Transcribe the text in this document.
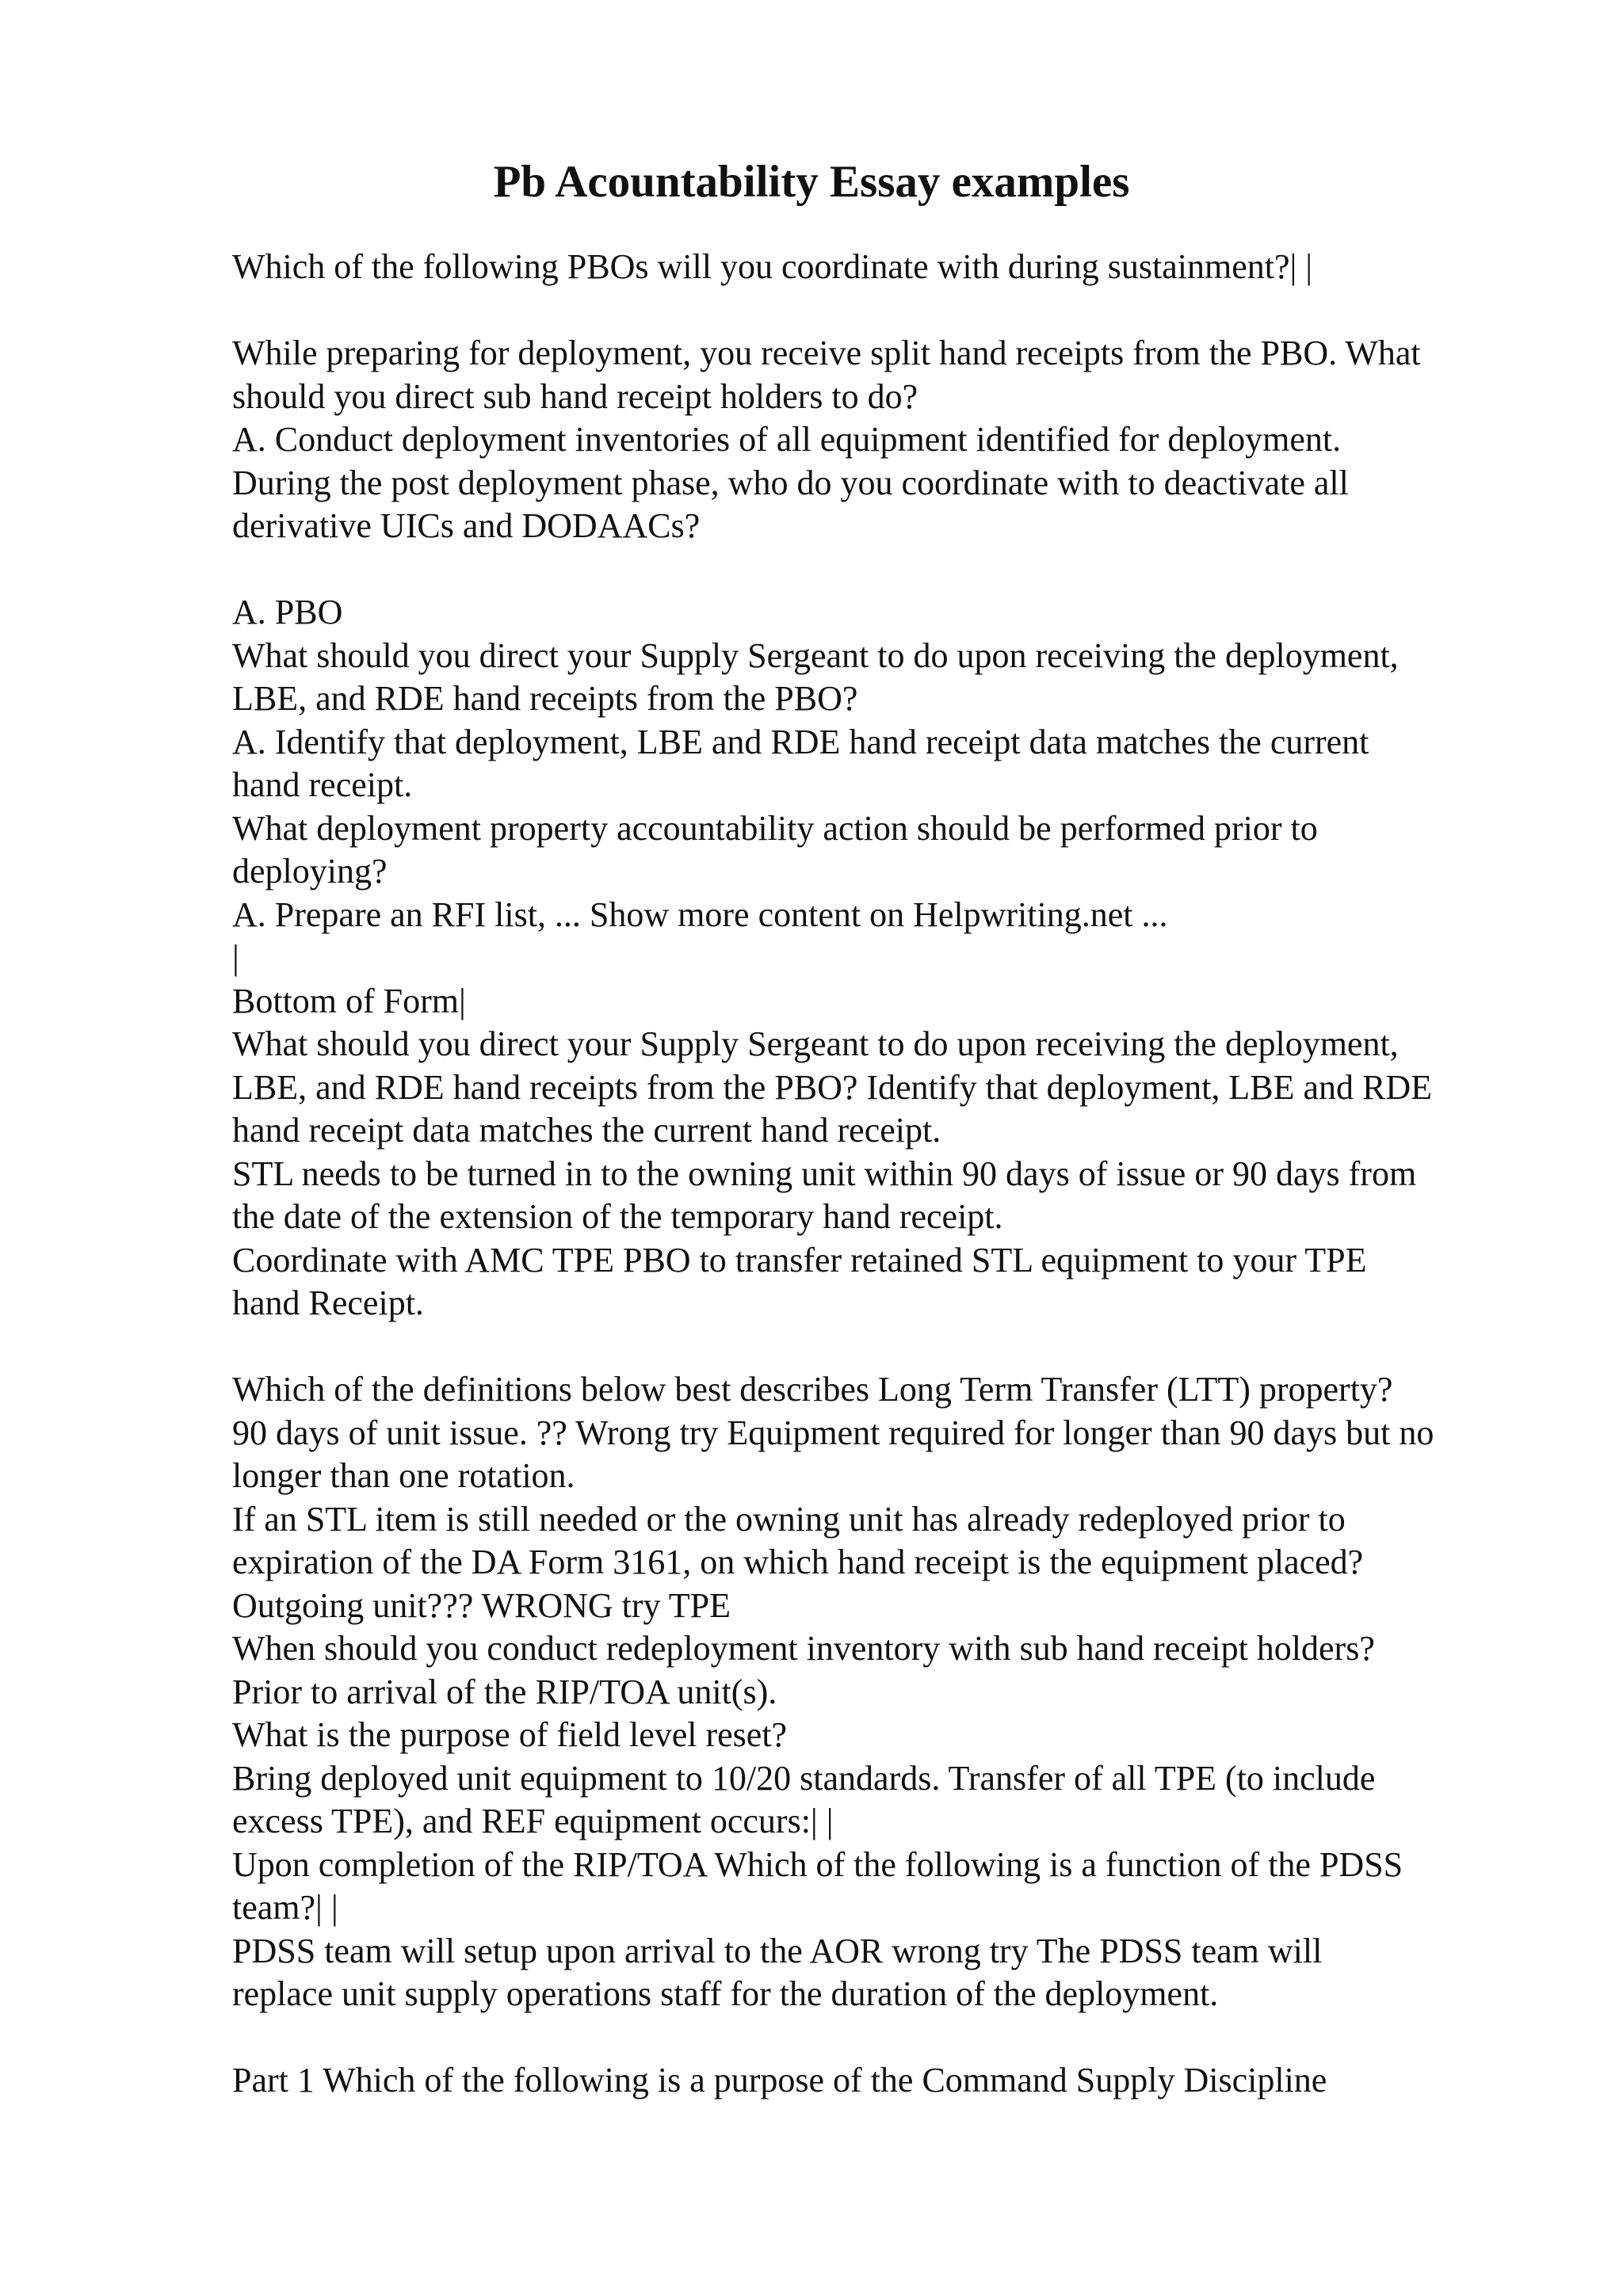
Pb Acountability Essay examples
Which of the following PBOs will you coordinate with during sustainment?| |
While preparing for deployment, you receive split hand receipts from the PBO. What
should you direct sub hand receipt holders to do?
A. Conduct deployment inventories of all equipment identified for deployment.
During the post deployment phase, who do you coordinate with to deactivate all
derivative UICs and DODAACs?
A. PBO
What should you direct your Supply Sergeant to do upon receiving the deployment,
LBE, and RDE hand receipts from the PBO?
A. Identify that deployment, LBE and RDE hand receipt data matches the current
hand receipt.
What deployment property accountability action should be performed prior to
deploying?
A. Prepare an RFI list, ... Show more content on Helpwriting.net ...
|
Bottom of Form|
What should you direct your Supply Sergeant to do upon receiving the deployment,
LBE, and RDE hand receipts from the PBO? Identify that deployment, LBE and RDE
hand receipt data matches the current hand receipt.
STL needs to be turned in to the owning unit within 90 days of issue or 90 days from
the date of the extension of the temporary hand receipt.
Coordinate with AMC TPE PBO to transfer retained STL equipment to your TPE
hand Receipt.
Which of the definitions below best describes Long Term Transfer (LTT) property?
90 days of unit issue. ?? Wrong try Equipment required for longer than 90 days but no
longer than one rotation.
If an STL item is still needed or the owning unit has already redeployed prior to
expiration of the DA Form 3161, on which hand receipt is the equipment placed?
Outgoing unit??? WRONG try TPE
When should you conduct redeployment inventory with sub hand receipt holders?
Prior to arrival of the RIP/TOA unit(s).
What is the purpose of field level reset?
Bring deployed unit equipment to 10/20 standards. Transfer of all TPE (to include
excess TPE), and REF equipment occurs:| |
Upon completion of the RIP/TOA Which of the following is a function of the PDSS
team?| |
PDSS team will setup upon arrival to the AOR wrong try The PDSS team will
replace unit supply operations staff for the duration of the deployment.
Part 1 Which of the following is a purpose of the Command Supply Discipline
